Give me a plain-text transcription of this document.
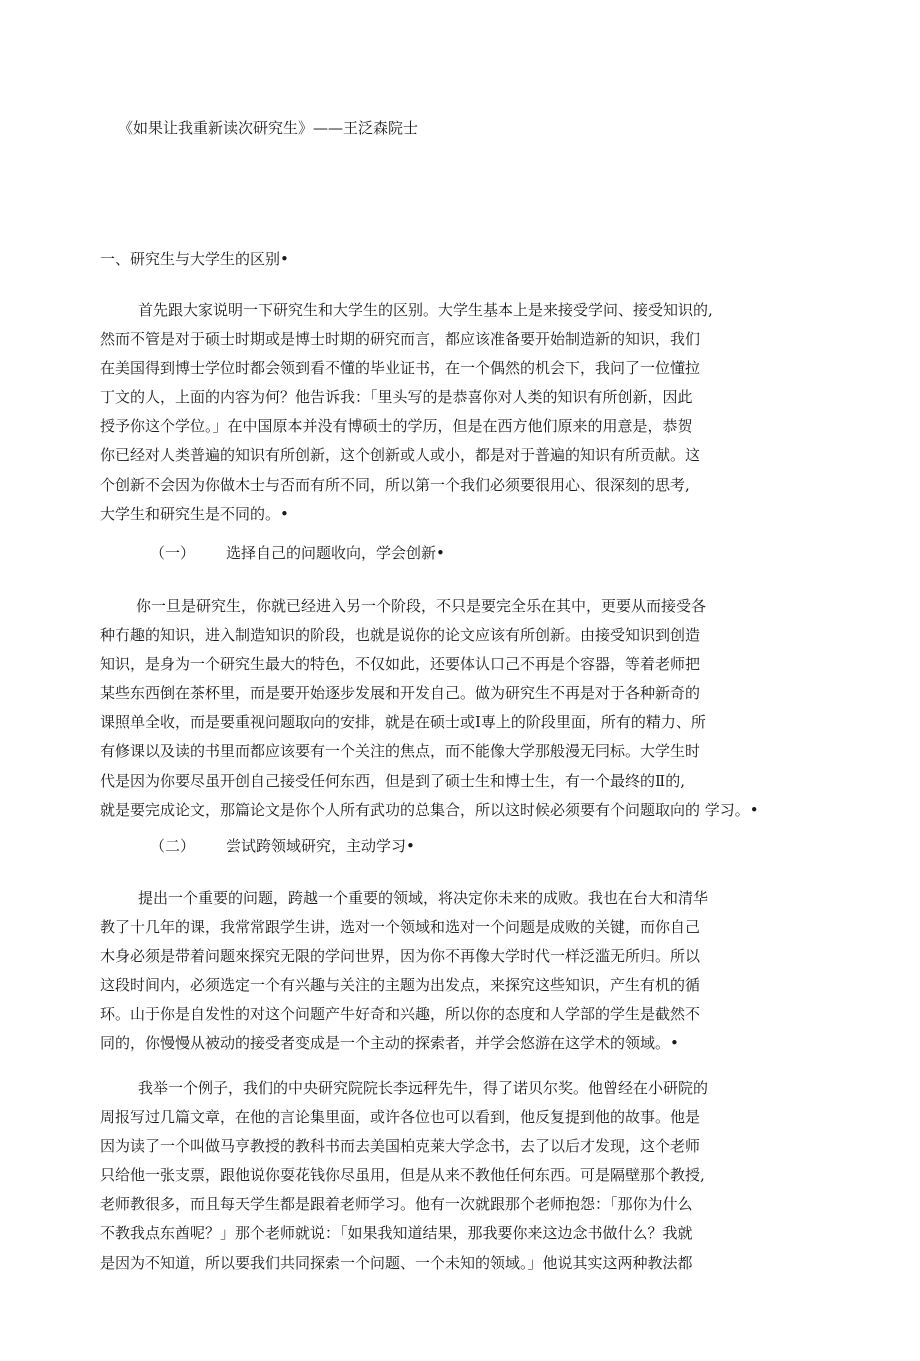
《如果让我重新读次研究生》——王泛森院士
一、研究生与大学生的区别•
首先跟大家说明一下研究生和大学生的区别。大学生基本上是来接受学问、接受知识的,
然而不管是对于硕士时期或是博士时期的研究而言，都应该准备要开始制造新的知识，我们
在美国得到博士学位时都会领到看不懂的毕业证书，在一个偶然的机会下，我问了一位懂拉
丁文的人，上面的内容为何？他告诉我：「里头写的是恭喜你对人类的知识有所创新，因此
授予你这个学位。」在中国原本并没有博硕士的学历，但是在西方他们原来的用意是，恭贺
你已经对人类普遍的知识有所创新，这个创新或人或小，都是对于普遍的知识有所贡献。这
个创新不会因为你做木士与否而有所不同，所以第一个我们必须要很用心、很深刻的思考,
大学生和研究生是不同的。•
（一） 选择自己的问题收向，学会创新•
你一旦是研究生，你就已经进入另一个阶段，不只是要完全乐在其中，更要从而接受各
种冇趣的知识，进入制造知识的阶段，也就是说你的论文应该有所创新。由接受知识到创造
知识，是身为一个研究生最大的特色，不仅如此，还要体认口己不再是个容器，等着老师把
某些东西倒在茶杯里，而是要开始逐步发展和开发自己。做为研究生不再是对于各种新奇的
课照单全收，而是要重视问题取向的安排，就是在硕士或Ⅰ専上的阶段里面，所有的精力、所
有修课以及读的书里而都应该要有一个关注的焦点，而不能像大学那般漫无冃标。大学生时
代是因为你要尽虽开创自己接受任何东西，但是到了硕士生和博士生，有一个最终的Ⅱ的,
就是要完成论文，那篇论文是你个人所有武功的总集合，所以这时候必须要有个问题取向的 学习。•
（二） 尝试跨领域研究，主动学习•
提出一个重要的问题，跨越一个重要的领域，将决定你未来的成败。我也在台大和清华
教了十几年的课，我常常跟学生讲，选对一个领域和选对一个问题是成败的关键，而你自己
木身必须是带着问题來探究无限的学问世界，因为你不再像大学时代一样泛滥无所归。所以
这段时间内，必须选定一个有兴趣与关注的主题为出发点，来探究这些知识，产生有机的循
环。山于你是自发性的对这个问题产牛好奇和兴趣，所以你的态度和人学部的学生是截然不
同的，你慢慢从被动的接受者变成是一个主动的探索者，并学会悠游在这学术的领域。•
我举一个例子，我们的中央研究院院长李远秤先牛，得了诺贝尔奖。他曾经在小研院的
周报写过几篇文章，在他的言论集里面，或许各位也可以看到，他反复提到他的故事。他是
因为读了一个叫做马亨教授的教科书而去美国柏克莱大学念书，去了以后才发现，这个老师
只给他一张支票，跟他说你耍花钱你尽虽用，但是从来不教他任何东西。可是隔壁那个教授,
老师教很多，而且每天学生都是跟着老师学习。他有一次就跟那个老师抱怨：「那你为什么
不教我点东酋呢？」那个老师就说：「如果我知道结果，那我要你来这边念书做什么？我就
是因为不知道，所以要我们共同探索一个问题、一个未知的领域。」他说其实这两种教法都
